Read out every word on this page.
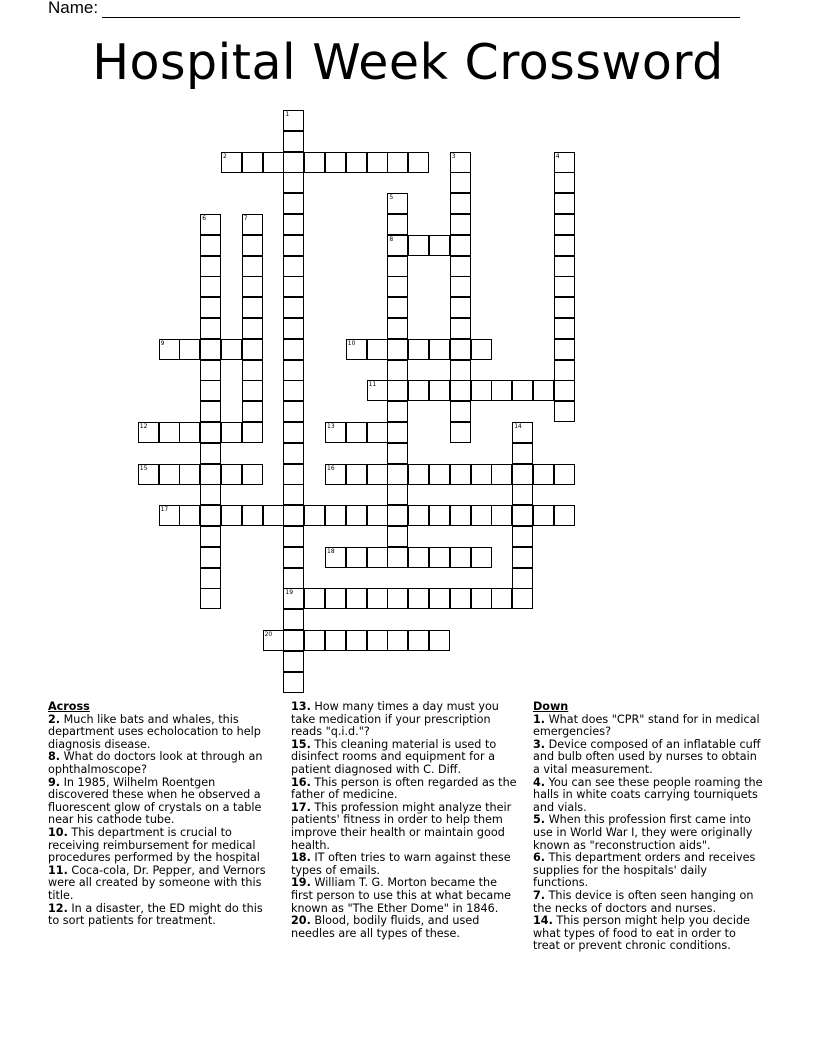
Name:
Hospital Week Crossword
2
8
9	10
11
12	13
15	16
17
18
19
20
1
3	4
5
6	7
14
Across
2. Much like bats and whales, this department uses echolocation to help diagnosis disease.
8. What do doctors look at through an ophthalmoscope?
9. In 1985, Wilhelm Roentgen discovered these when he observed a fluorescent glow of crystals on a table near his cathode tube.
10. This department is crucial to receiving reimbursement for medical procedures performed by the hospital
11. Coca-cola, Dr. Pepper, and Vernors were all created by someone with this title.
12. In a disaster, the ED might do this to sort patients for treatment.
13. How many times a day must you take medication if your prescription reads "q.i.d."?
15. This cleaning material is used to disinfect rooms and equipment for a patient diagnosed with C. Diff.
16. This person is often regarded as the father of medicine.
17. This profession might analyze their patients' fitness in order to help them improve their health or maintain good health.
18. IT often tries to warn against these types of emails.
19. William T. G. Morton became the first person to use this at what became known as "The Ether Dome" in 1846.
20. Blood, bodily fluids, and used needles are all types of these.
Down
1. What does "CPR" stand for in medical emergencies?
3. Device composed of an inflatable cuff and bulb often used by nurses to obtain a vital measurement.
4. You can see these people roaming the halls in white coats carrying tourniquets and vials.
5. When this profession first came into use in World War I, they were originally known as "reconstruction aids".
6. This department orders and receives supplies for the hospitals' daily functions.
7. This device is often seen hanging on the necks of doctors and nurses.
14. This person might help you decide what types of food to eat in order to treat or prevent chronic conditions.
